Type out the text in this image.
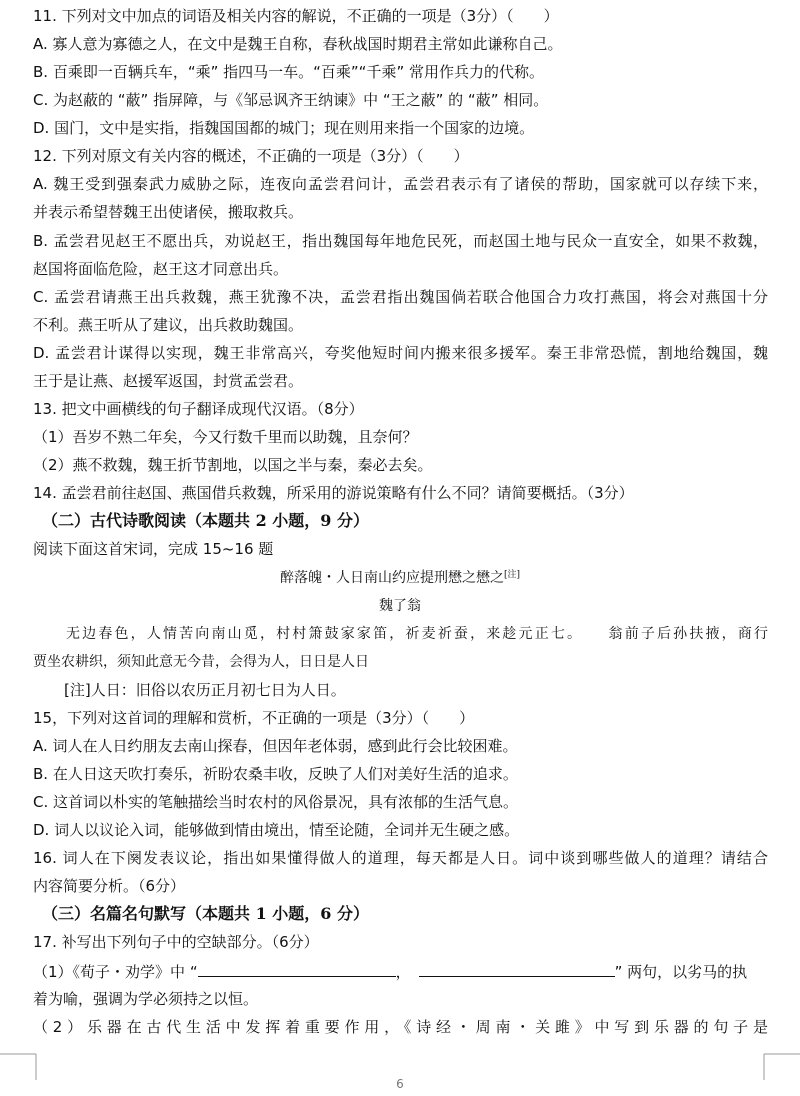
11. 下列对文中加点的词语及相关内容的解说，不正确的一项是（3分）（　　）
A. 寡人意为寡德之人，在文中是魏王自称，春秋战国时期君主常如此谦称自己。
B. 百乘即一百辆兵车，“乘” 指四马一车。“百乘”“千乘” 常用作兵力的代称。
C. 为赵蔽的 “蔽” 指屏障，与《邹忌讽齐王纳谏》中 “王之蔽” 的 “蔽” 相同。
D. 国门，文中是实指，指魏国国都的城门；现在则用来指一个国家的边境。
12. 下列对原文有关内容的概述，不正确的一项是（3分）（　　）
A. 魏王受到强秦武力威胁之际，连夜向孟尝君问计，孟尝君表示有了诸侯的帮助，国家就可以存续下来，
并表示希望替魏王出使诸侯，搬取救兵。
B. 孟尝君见赵王不愿出兵，劝说赵王，指出魏国每年地危民死，而赵国土地与民众一直安全，如果不救魏，
赵国将面临危险，赵王这才同意出兵。
C. 孟尝君请燕王出兵救魏，燕王犹豫不决，孟尝君指出魏国倘若联合他国合力攻打燕国，将会对燕国十分
不利。燕王听从了建议，出兵救助魏国。
D. 孟尝君计谋得以实现，魏王非常高兴，夸奖他短时间内搬来很多援军。秦王非常恐慌，割地给魏国，魏
王于是让燕、赵援军返国，封赏孟尝君。
13. 把文中画横线的句子翻译成现代汉语。（8分）
（1）吾岁不熟二年矣，今又行数千里而以助魏，且奈何？
（2）燕不救魏，魏王折节割地，以国之半与秦，秦必去矣。
14. 孟尝君前往赵国、燕国借兵救魏，所采用的游说策略有什么不同？请简要概括。（3分）
（二）古代诗歌阅读（本题共 2 小题，9 分）
阅读下面这首宋词，完成 15~16 题
醉落魄・人日南山约应提刑懋之懋之[注]
魏了翁
无边春色，人情苦向南山觅，村村箫鼓家家笛，祈麦祈蚕，来趁元正七。　　翁前子后孙扶掖，商行
贾坐农耕织，须知此意无今昔，会得为人，日日是人日
[注]人日：旧俗以农历正月初七日为人日。
15，下列对这首词的理解和赏析，不正确的一项是（3分）（　　）
A. 词人在人日约朋友去南山探春，但因年老体弱，感到此行会比较困难。
B. 在人日这天吹打奏乐，祈盼农桑丰收，反映了人们对美好生活的追求。
C. 这首词以朴实的笔触描绘当时农村的风俗景况，具有浓郁的生活气息。
D. 词人以议论入词，能够做到情由境出，情至论随，全词并无生硬之感。
16. 词人在下阕发表议论，指出如果懂得做人的道理，每天都是人日。词中谈到哪些做人的道理？请结合
内容简要分析。（6分）
（三）名篇名句默写（本题共 1 小题，6 分）
17. 补写出下列句子中的空缺部分。（6分）
（1）《荀子・劝学》中 “	，	” 两句，以劣马的执
着为喻，强调为学必须持之以恒。
（2）乐器在古代生活中发挥着重要作用，《诗经・周南・关雎》中写到乐器的句子是
6
